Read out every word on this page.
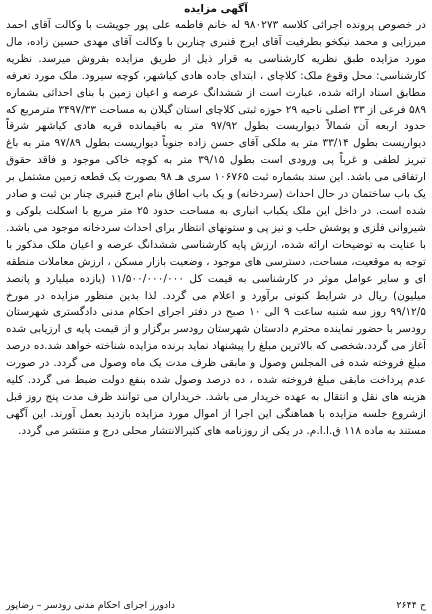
آگهی مزایده

در خصوص پرونده اجرائی کلاسه ۹۸۰۲۷۳ له خانم فاطمه علی پور جویشت با وکالت آقای احمد میرزایی و محمد نیکخو بطرفیت آقای ایرج قنبری چناربن با وکالت آقای مهدی حسین زاده، مال مورد مزایده طبق نظریه کارشناسی به قرار ذیل از طریق مزایده بفروش میرسد. نظریه کارشناسی: محل وقوع ملک: کلاچای ، ابتدای جاده هادی کیاشهر، کوچه سیرود. ملک مورد تعرفه مطابق اسناد ارائه شده، عبارت است از ششدانگ عرصه و اعیان زمین با بنای احداثی بشماره ۵۸۹ فرعی از ۳۳ اصلی ناحیه ۲۹ حوزه ثبتی کلاچای استان گیلان به مساحت ۳۴۹۷/۳۳ مترمربع که حدود اربعه آن شمالاً دیواریست بطول ۹۷/۹۲ متر به باقیمانده قریه هادی کیاشهر شرقاً دیواریست بطول ۳۳/۱۴ متر به ملکی آقای حسن زاده جنوباً دیواریست بطول ۹۷/۸۹ متر به باغ تبریز لطفی و غرباً پی ورودی است بطول ۳۹/۱۵ متر به کوچه خاکی موجود و فاقد حقوق ارتفاقی می باشد. این سند بشماره ثبت ۱۰۶۷۶۵ سری هـ ۹۸ بصورت یک قطعه زمین مشتمل بر یک باب ساختمان در حال احداث (سردخانه) و یک باب اطاق بنام ایرج قنبری چنار بن ثبت و صادر شده است. در داخل این ملک یکباب انباری به مساحت حدود ۲۵ متر مربع با اسکلت بلوکی و شیروانی فلزی و پوشش حلب و نیز پی و ستونهای انتظار برای احداث سردخانه موجود می باشد. با عنایت به توضیحات ارائه شده، ارزش پایه کارشناسی ششدانگ عرصه و اعیان ملک مذکور با توجه به موقعیت، مساحت، دسترسی های موجود ، وضعیت بازار مسکن ، ارزش معاملات منطقه ای و سایر عوامل موثر در کارشناسی به قیمت کل ۱۱/۵۰۰/۰۰۰/۰۰۰ (یازده میلیارد و پانصد میلیون) ریال در شرایط کنونی برآورد و اعلام می گردد. لذا بدین منظور مزایده در مورخ ۹۹/۱۲/۵ روز سه شنبه ساعت ۹ الی ۱۰ صبح در دفتر اجرای احکام مدنی دادگستری شهرستان رودسر با حضور نماینده محترم دادستان شهرستان رودسر برگزار و از قیمت پایه ی ارزیابی شده آغاز می گردد.شخصی که بالاترین مبلغ را پیشنهاد نماید برنده مزایده شناخته خواهد شد.ده درصد مبلغ فروخته شده فی المجلس وصول و مابقی ظرف مدت یک ماه وصول می گردد. در صورت عدم پرداخت مابقی مبلغ فروخته شده ، ده درصد وصول شده بنفع دولت ضبط می گردد. کلیه هزینه های نقل و انتقال به عهده خریدار می باشد. خریداران می توانند ظرف مدت پنج روز قبل ازشروع جلسه مزایده با هماهنگی این اجرا از اموال مورد مزایده بازدید بعمل آورند. این آگهی مستند به ماده ۱۱۸ ق.ا.ا.م. در یکی از روزنامه های کثیرالانتشار محلی درج و منتشر می گردد.

ح ۲۶۴۴
دادورز اجرای احکام مدنی رودسر – رضاپور
